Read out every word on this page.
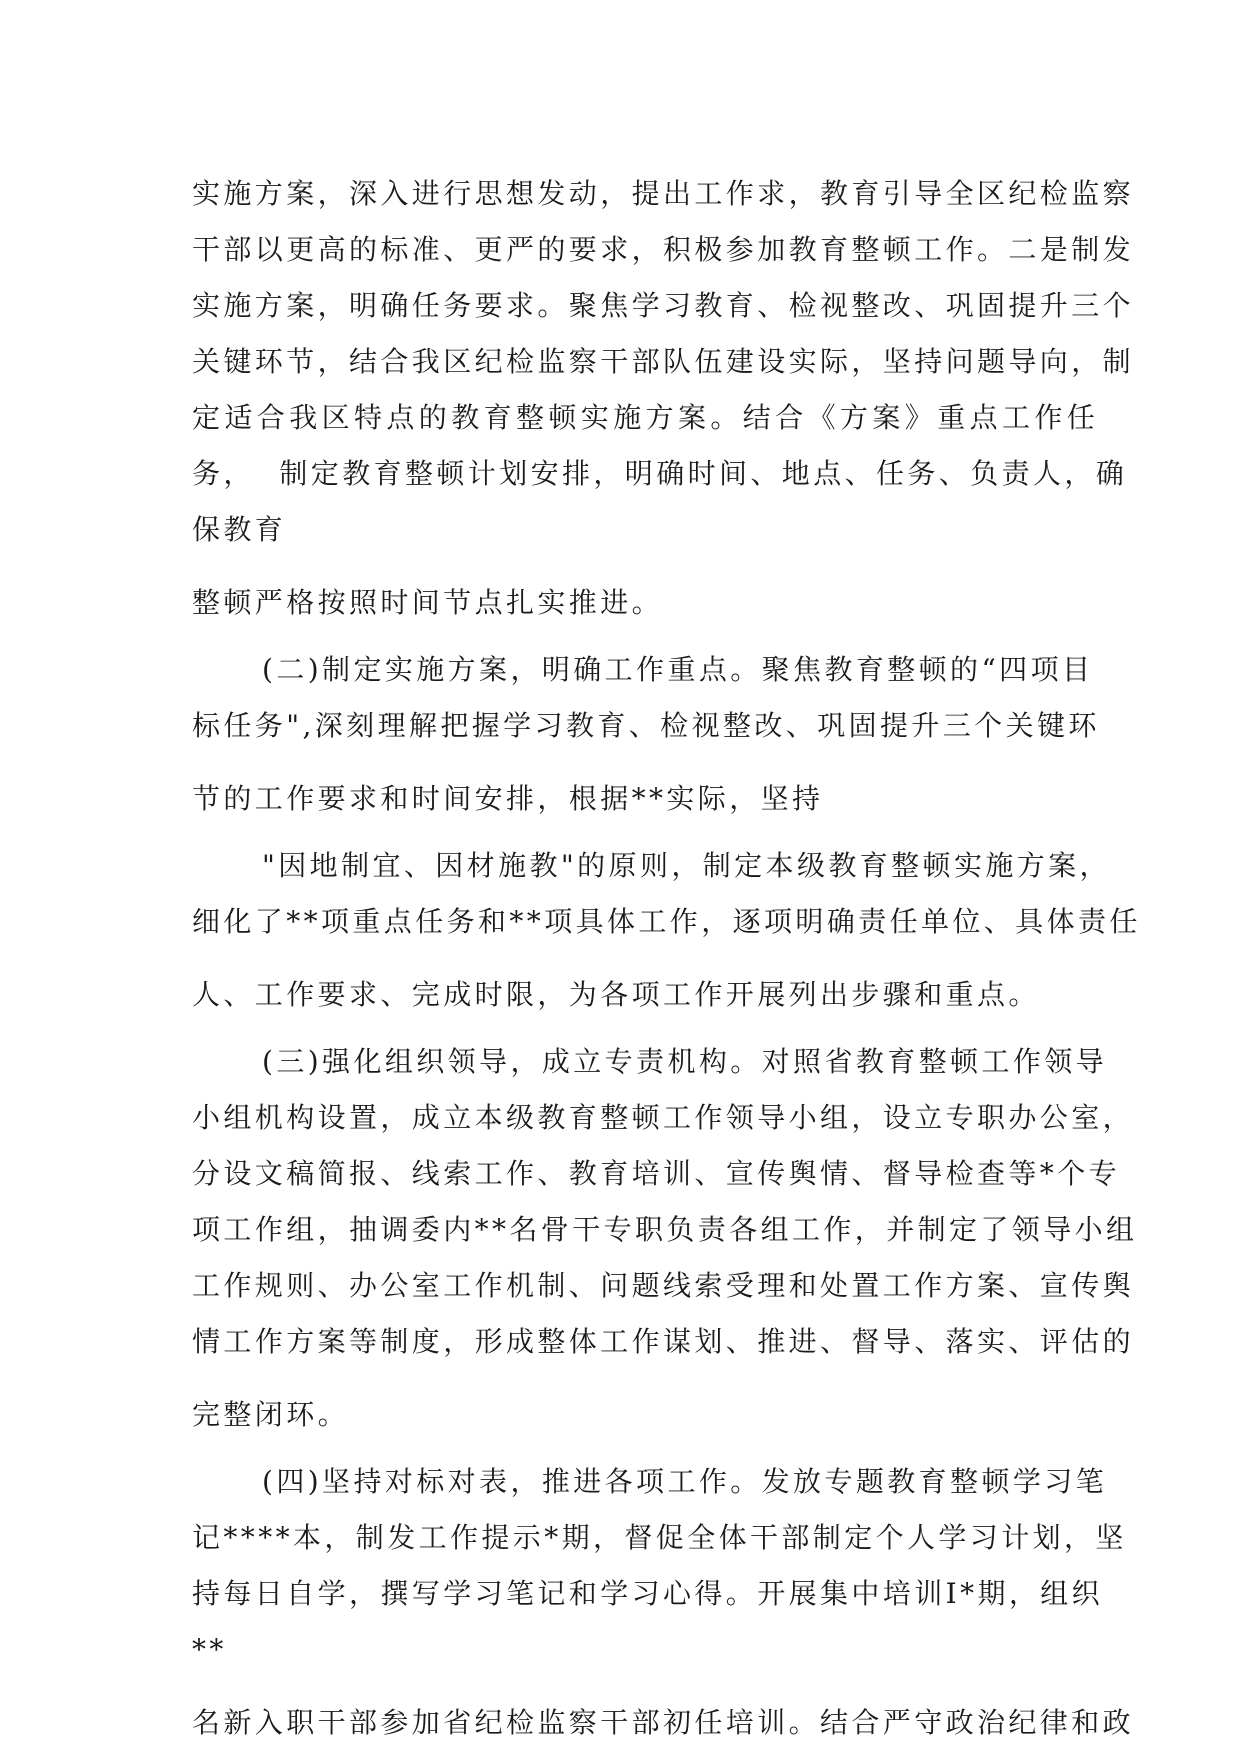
实施方案，深入进行思想发动，提出工作求，教育引导全区纪检监察
干部以更高的标准、更严的要求，积极参加教育整顿工作。二是制发
实施方案，明确任务要求。聚焦学习教育、检视整改、巩固提升三个
关键环节，结合我区纪检监察干部队伍建设实际，坚持问题导向，制
定适合我区特点的教育整顿实施方案。结合《方案》重点工作任
务，  制定教育整顿计划安排，明确时间、地点、任务、负责人，确
保教育
整顿严格按照时间节点扎实推进。
(二)制定实施方案，明确工作重点。聚焦教育整顿的“四项目
标任务",深刻理解把握学习教育、检视整改、巩固提升三个关键环
节的工作要求和时间安排，根据**实际，坚持
"因地制宜、因材施教"的原则，制定本级教育整顿实施方案，
细化了**项重点任务和**项具体工作，逐项明确责任单位、具体责任
人、工作要求、完成时限，为各项工作开展列出步骤和重点。
(三)强化组织领导，成立专责机构。对照省教育整顿工作领导
小组机构设置，成立本级教育整顿工作领导小组，设立专职办公室，
分设文稿简报、线索工作、教育培训、宣传舆情、督导检查等*个专
项工作组，抽调委内**名骨干专职负责各组工作，并制定了领导小组
工作规则、办公室工作机制、问题线索受理和处置工作方案、宣传舆
情工作方案等制度，形成整体工作谋划、推进、督导、落实、评估的
完整闭环。
(四)坚持对标对表，推进各项工作。发放专题教育整顿学习笔
记****本，制发工作提示*期，督促全体干部制定个人学习计划，坚
持每日自学，撰写学习笔记和学习心得。开展集中培训I*期，组织
**
名新入职干部参加省纪检监察干部初任培训。结合严守政治纪律和政
